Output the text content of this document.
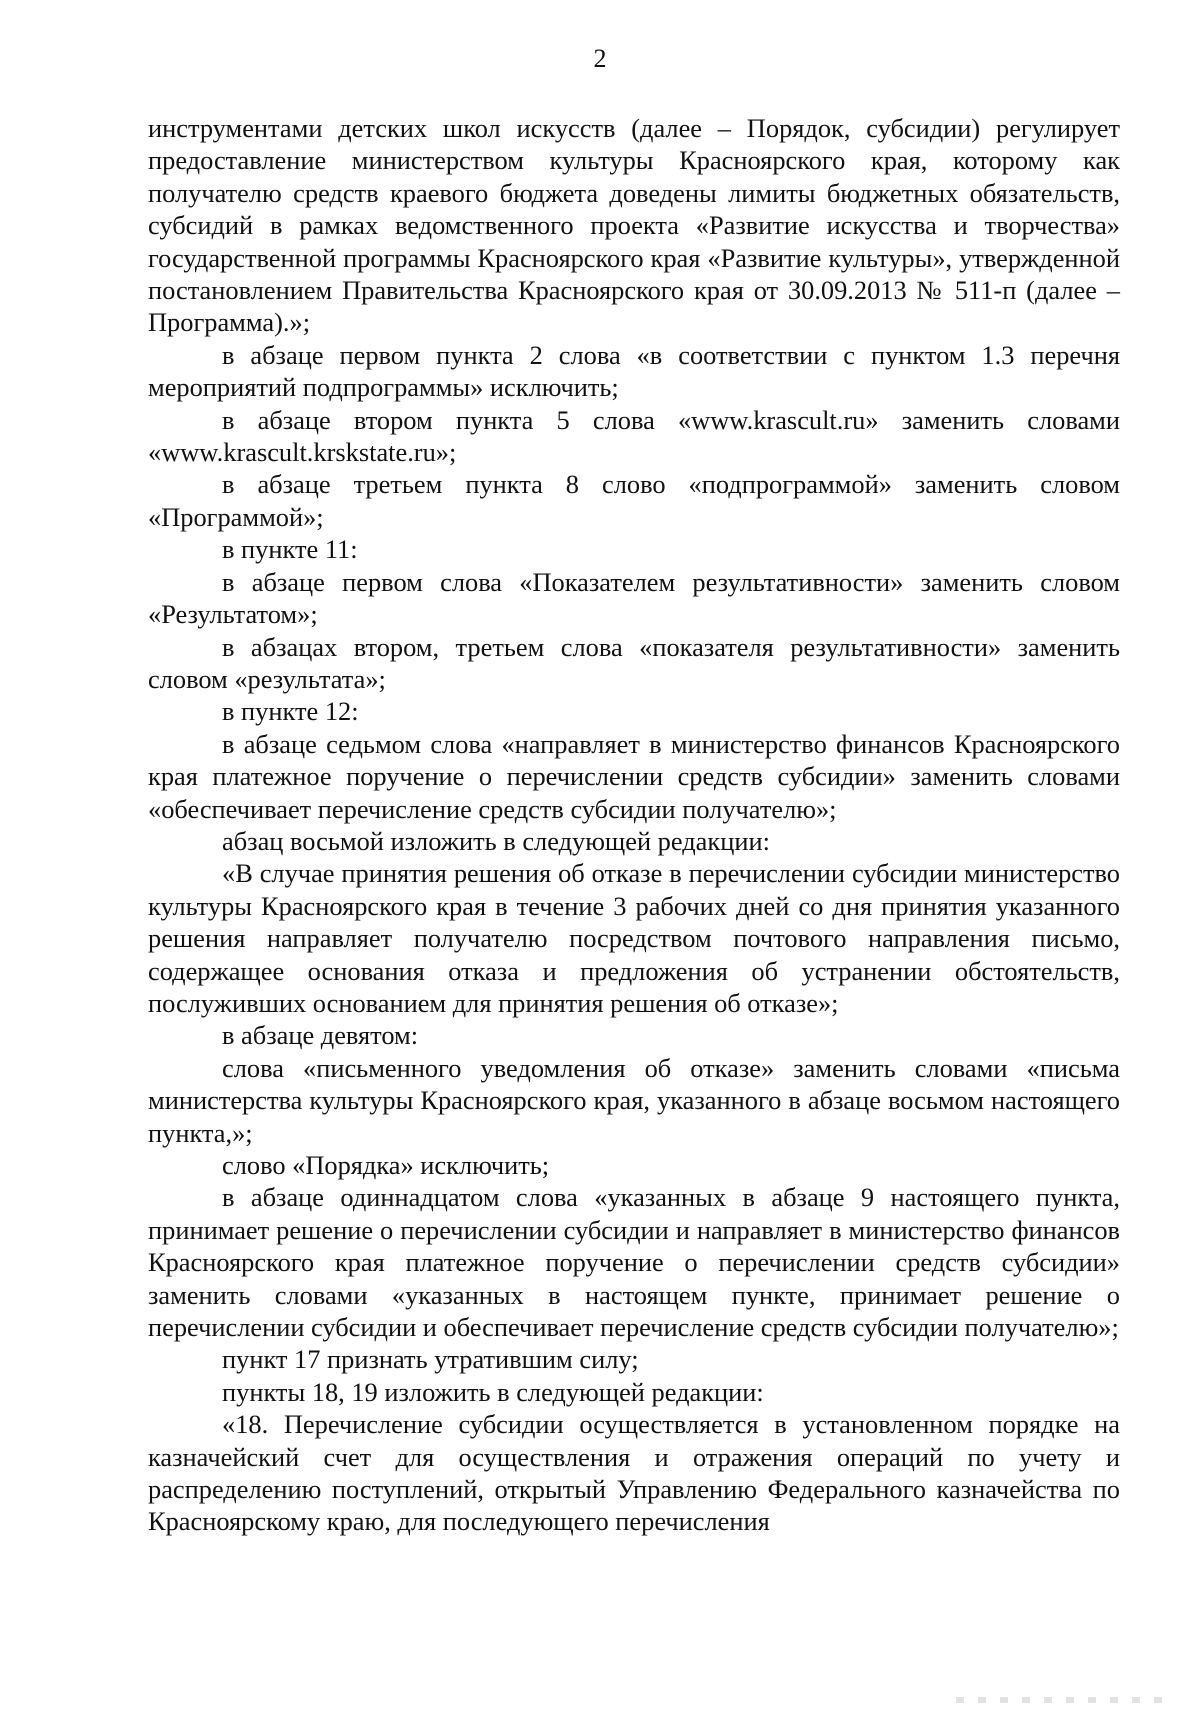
2

инструментами детских школ искусств (далее – Порядок, субсидии) регулирует предоставление министерством культуры Красноярского края, которому как получателю средств краевого бюджета доведены лимиты бюджетных обязательств, субсидий в рамках ведомственного проекта «Развитие искусства и творчества» государственной программы Красноярского края «Развитие культуры», утвержденной постановлением Правительства Красноярского края от 30.09.2013 № 511-п (далее – Программа).»;

в абзаце первом пункта 2 слова «в соответствии с пунктом 1.3 перечня мероприятий подпрограммы» исключить;

в абзаце втором пункта 5 слова «www.krascult.ru» заменить словами «www.krascult.krskstate.ru»;

в абзаце третьем пункта 8 слово «подпрограммой» заменить словом «Программой»;

в пункте 11:

в абзаце первом слова «Показателем результативности» заменить словом «Результатом»;

в абзацах втором, третьем слова «показателя результативности» заменить словом «результата»;

в пункте 12:

в абзаце седьмом слова «направляет в министерство финансов Красноярского края платежное поручение о перечислении средств субсидии» заменить словами «обеспечивает перечисление средств субсидии получателю»;

абзац восьмой изложить в следующей редакции:

«В случае принятия решения об отказе в перечислении субсидии министерство культуры Красноярского края в течение 3 рабочих дней со дня принятия указанного решения направляет получателю посредством почтового направления письмо, содержащее основания отказа и предложения об устранении обстоятельств, послуживших основанием для принятия решения об отказе»;

в абзаце девятом:

слова «письменного уведомления об отказе» заменить словами «письма министерства культуры Красноярского края, указанного в абзаце восьмом настоящего пункта,»;

слово «Порядка» исключить;

в абзаце одиннадцатом слова «указанных в абзаце 9 настоящего пункта, принимает решение о перечислении субсидии и направляет в министерство финансов Красноярского края платежное поручение о перечислении средств субсидии» заменить словами «указанных в настоящем пункте, принимает решение о перечислении субсидии и обеспечивает перечисление средств субсидии получателю»;

пункт 17 признать утратившим силу;

пункты 18, 19 изложить в следующей редакции:

«18. Перечисление субсидии осуществляется в установленном порядке на казначейский счет для осуществления и отражения операций по учету и распределению поступлений, открытый Управлению Федерального казначейства по Красноярскому краю, для последующего перечисления
